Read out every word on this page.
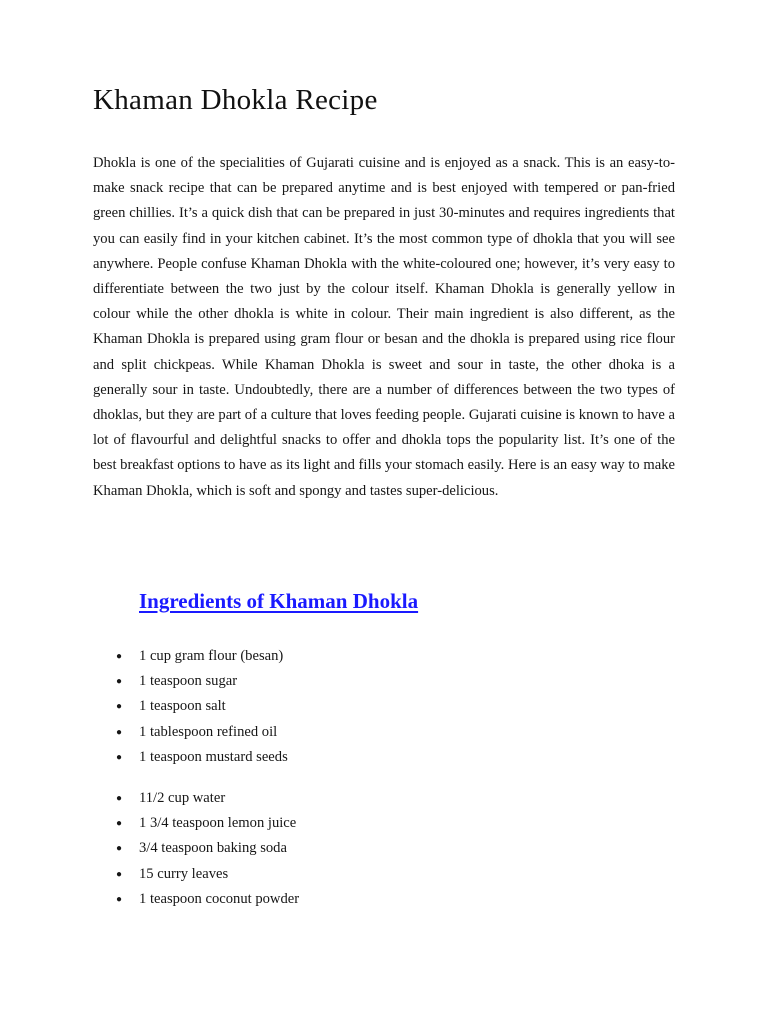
Khaman Dhokla Recipe

Dhokla is one of the specialities of Gujarati cuisine and is enjoyed as a snack. This is an easy-to-make snack recipe that can be prepared anytime and is best enjoyed with tempered or pan-fried green chillies. It’s a quick dish that can be prepared in just 30-minutes and requires ingredients that you can easily find in your kitchen cabinet. It’s the most common type of dhokla that you will see anywhere. People confuse Khaman Dhokla with the white-coloured one; however, it’s very easy to differentiate between the two just by the colour itself. Khaman Dhokla is generally yellow in colour while the other dhokla is white in colour. Their main ingredient is also different, as the Khaman Dhokla is prepared using gram flour or besan and the dhokla is prepared using rice flour and split chickpeas. While Khaman Dhokla is sweet and sour in taste, the other dhoka is a generally sour in taste. Undoubtedly, there are a number of differences between the two types of dhoklas, but they are part of a culture that loves feeding people. Gujarati cuisine is known to have a lot of flavourful and delightful snacks to offer and dhokla tops the popularity list. It’s one of the best breakfast options to have as its light and fills your stomach easily. Here is an easy way to make Khaman Dhokla, which is soft and spongy and tastes super-delicious.

Ingredients of Khaman Dhokla
● 1 cup gram flour (besan)
● 1 teaspoon sugar
● 1 teaspoon salt
● 1 tablespoon refined oil
● 1 teaspoon mustard seeds
● 11/2 cup water
● 1 3/4 teaspoon lemon juice
● 3/4 teaspoon baking soda
● 15 curry leaves
● 1 teaspoon coconut powder
